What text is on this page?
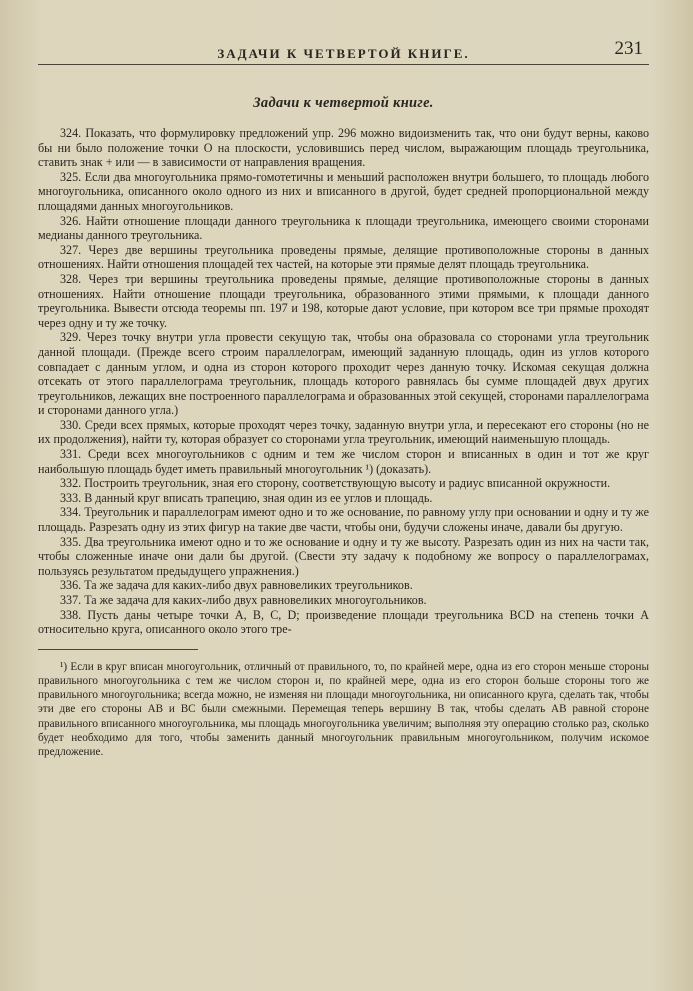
ЗАДАЧИ К ЧЕТВЕРТОЙ КНИГЕ.	231
Задачи к четвертой книге.

324. Показать, что формулировку предложений упр. 296 можно видоизменить так, что они будут верны, каково бы ни было положение точки O на плоскости, условившись перед числом, выражающим площадь треугольника, ставить знак + или — в зависимости от направления вращения.

325. Если два многоугольника прямо-гомотетичны и меньший расположен внутри большего, то площадь любого многоугольника, описанного около одного из них и вписанного в другой, будет средней пропорциональной между площадями данных многоугольников.

326. Найти отношение площади данного треугольника к площади треугольника, имеющего своими сторонами медианы данного треугольника.

327. Через две вершины треугольника проведены прямые, делящие противоположные стороны в данных отношениях. Найти отношения площадей тех частей, на которые эти прямые делят площадь треугольника.

328. Через три вершины треугольника проведены прямые, делящие противоположные стороны в данных отношениях. Найти отношение площади треугольника, образованного этими прямыми, к площади данного треугольника. Вывести отсюда теоремы пп. 197 и 198, которые дают условие, при котором все три прямые проходят через одну и ту же точку.

329. Через точку внутри угла провести секущую так, чтобы она образовала со сторонами угла треугольник данной площади. (Прежде всего строим параллелограм, имеющий заданную площадь, один из углов которого совпадает с данным углом, и одна из сторон которого проходит через данную точку. Искомая секущая должна отсекать от этого параллелограма треугольник, площадь которого равнялась бы сумме площадей двух других треугольников, лежащих вне построенного параллелограма и образованных этой секущей, сторонами параллелограма и сторонами данного угла.)

330. Среди всех прямых, которые проходят через точку, заданную внутри угла, и пересекают его стороны (но не их продолжения), найти ту, которая образует со сторонами угла треугольник, имеющий наименьшую площадь.

331. Среди всех многоугольников с одним и тем же числом сторон и вписанных в один и тот же круг наибольшую площадь будет иметь правильный многоугольник ¹) (доказать).

332. Построить треугольник, зная его сторону, соответствующую высоту и радиус вписанной окружности.

333. В данный круг вписать трапецию, зная один из ее углов и площадь.

334. Треугольник и параллелограм имеют одно и то же основание, по равному углу при основании и одну и ту же площадь. Разрезать одну из этих фигур на такие две части, чтобы они, будучи сложены иначе, давали бы другую.

335. Два треугольника имеют одно и то же основание и одну и ту же высоту. Разрезать один из них на части так, чтобы сложенные иначе они дали бы другой. (Свести эту задачу к подобному же вопросу о параллелограмах, пользуясь результатом предыдущего упражнения.)

336. Та же задача для каких-либо двух равновеликих треугольников.

337. Та же задача для каких-либо двух равновеликих многоугольников.

338. Пусть даны четыре точки A, B, C, D; произведение площади треугольника BCD на степень точки A относительно круга, описанного около этого тре-

¹) Если в круг вписан многоугольник, отличный от правильного, то, по крайней мере, одна из его сторон меньше стороны правильного многоугольника с тем же числом сторон и, по крайней мере, одна из его сторон больше стороны того же правильного многоугольника; всегда можно, не изменяя ни площади многоугольника, ни описанного круга, сделать так, чтобы эти две его стороны AB и BC были смежными. Перемещая теперь вершину B так, чтобы сделать AB равной стороне правильного вписанного многоугольника, мы площадь многоугольника увеличим; выполняя эту операцию столько раз, сколько будет необходимо для того, чтобы заменить данный многоугольник правильным многоугольником, получим искомое предложение.
